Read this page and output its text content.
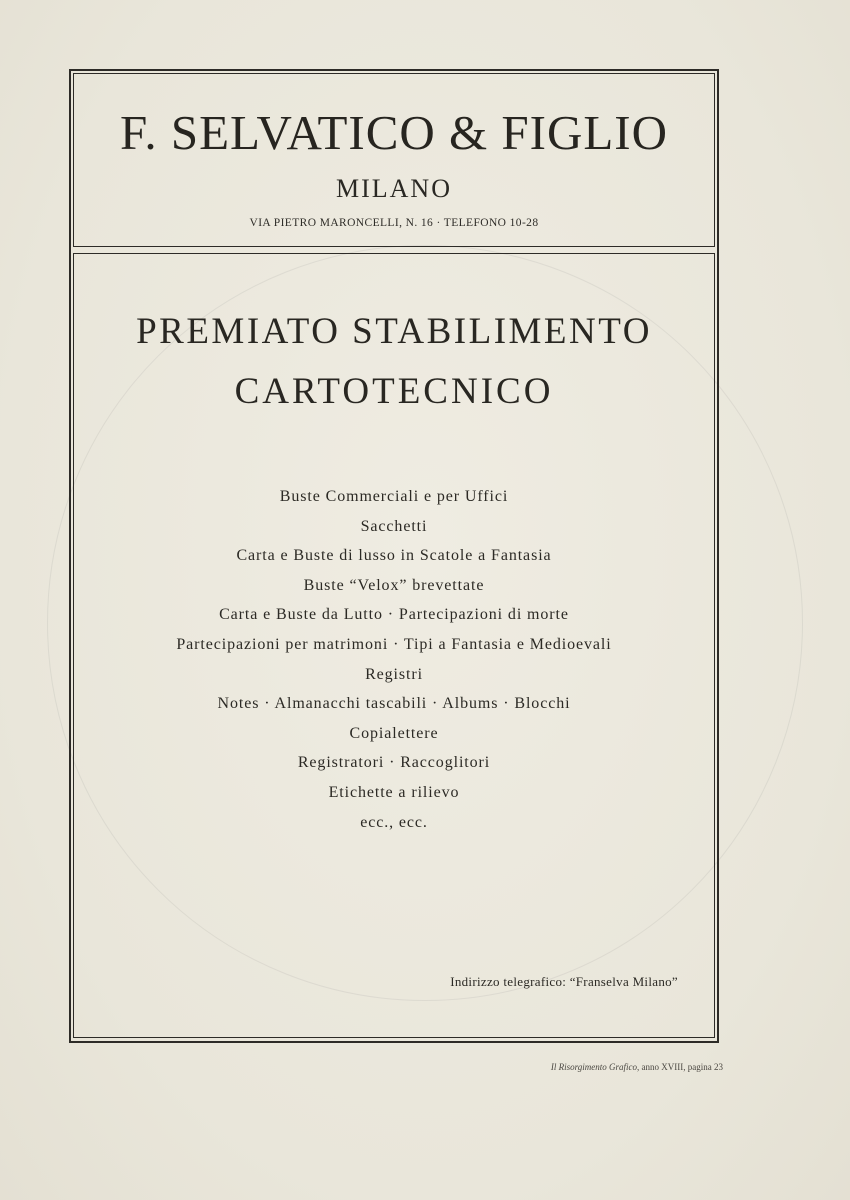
F. SELVATICO & FIGLIO
MILANO
VIA PIETRO MARONCELLI, N. 16 · TELEFONO 10-28
PREMIATO STABILIMENTO
CARTOTECNICO
Buste Commerciali e per Uffici
Sacchetti
Carta e Buste di lusso in Scatole a Fantasia
Buste “Velox” brevettate
Carta e Buste da Lutto · Partecipazioni di morte
Partecipazioni per matrimoni · Tipi a Fantasia e Medioevali
Registri
Notes · Almanacchi tascabili · Albums · Blocchi
Copialettere
Registratori · Raccoglitori
Etichette a rilievo
ecc., ecc.
Indirizzo telegrafico: “Franselva Milano”
Il Risorgimento Grafico, anno XVIII, pagina 23
